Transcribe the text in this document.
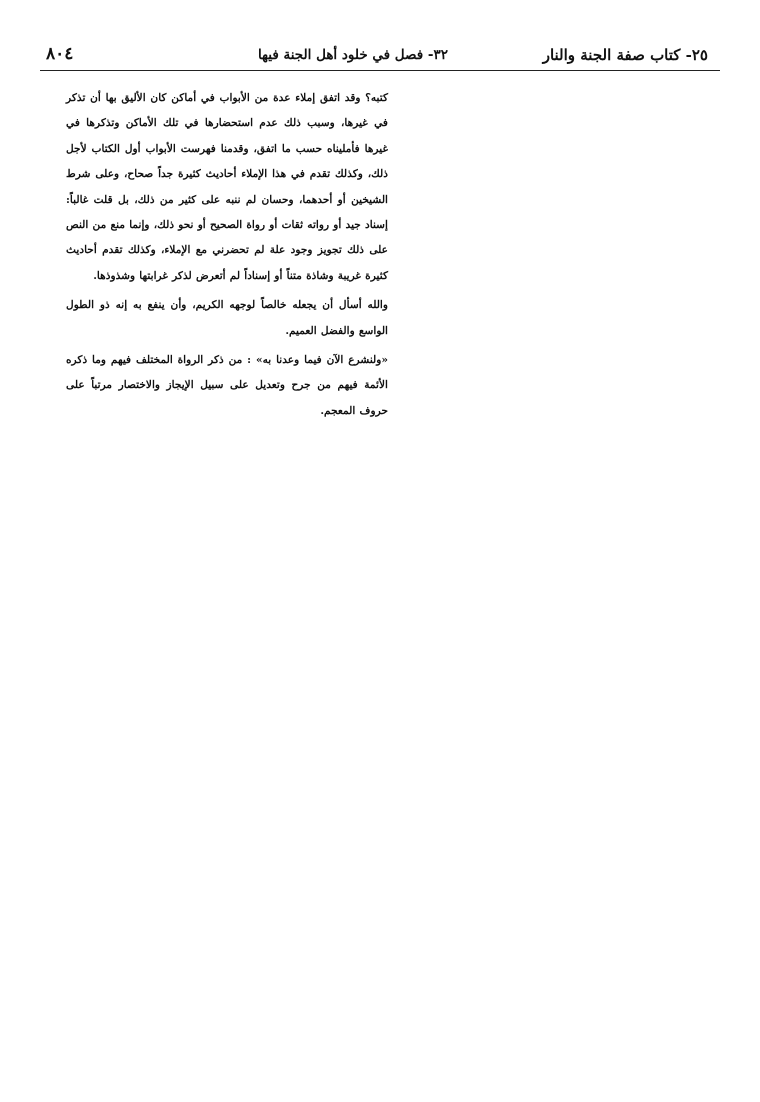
٢٥- كتاب صفة الجنة والنار
٣٢- فصل في خلود أهل الجنة فيها
٨٠٤

كتبه؟ وقد اتفق إملاء عدة من الأبواب في أماكن كان الأليق بها أن تذكر في غيرها، وسبب ذلك عدم استحضارها في تلك الأماكن وتذكرها في غيرها فأمليناه حسب ما اتفق، وقدمنا فهرست الأبواب أول الكتاب لأجل ذلك، وكذلك تقدم في هذا الإملاء أحاديث كثيرة جداً صحاح، وعلى شرط الشيخين أو أحدهما، وحسان لم ننبه على كثير من ذلك، بل قلت غالباً: إسناد جيد أو رواته ثقات أو رواة الصحيح أو نحو ذلك، وإنما منع من النص على ذلك تجويز وجود علة لم تحضرني مع الإملاء، وكذلك تقدم أحاديث كثيرة غريبة وشاذة متناً أو إسناداً لم أتعرض لذكر غرابتها وشذوذها.

والله أسأل أن يجعله خالصاً لوجهه الكريم، وأن ينفع به إنه ذو الطول الواسع والفضل العميم.

«ولنشرع الآن فيما وعدنا به» : من ذكر الرواة المختلف فيهم وما ذكره الأئمة فيهم من جرح وتعديل على سبيل الإيجاز والاختصار مرتباً على حروف المعجم.
